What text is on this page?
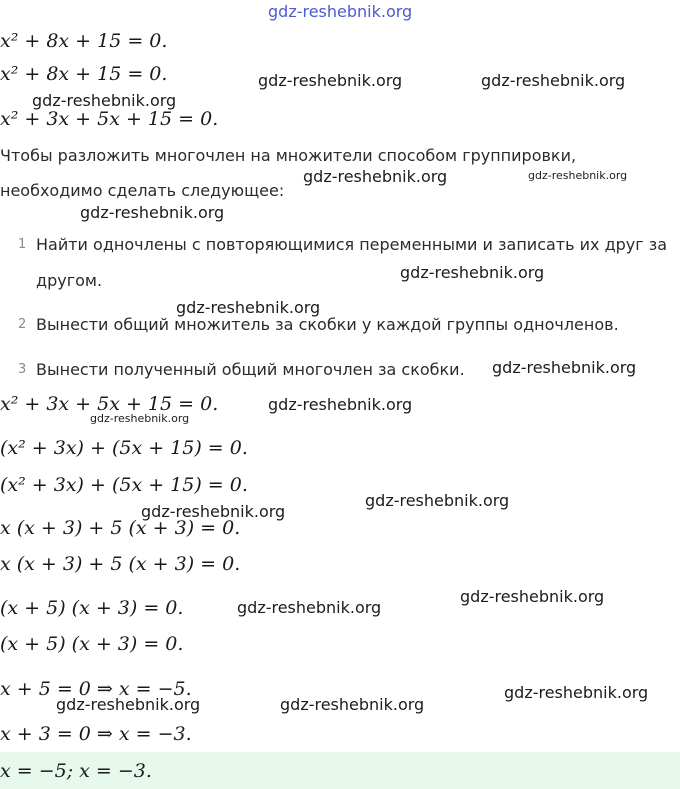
x² + 8x + 15 = 0.
x² + 8x + 15 = 0.
x² + 3x + 5x + 15 = 0.
Чтобы разложить многочлен на множители способом группировки,
необходимо сделать следующее:
1 Найти одночлены с повторяющимися переменными и записать их друг за
другом.
2 Вынести общий множитель за скобки у каждой группы одночленов.
3 Вынести полученный общий многочлен за скобки.
x² + 3x + 5x + 15 = 0.
(x² + 3x) + (5x + 15) = 0.
(x² + 3x) + (5x + 15) = 0.
x (x + 3) + 5 (x + 3) = 0.
x (x + 3) + 5 (x + 3) = 0.
(x + 5) (x + 3) = 0.
(x + 5) (x + 3) = 0.
x + 5 = 0 ⇒ x = −5.
x + 3 = 0 ⇒ x = −3.
x = −5; x = −3.
gdz-reshebnik.org
gdz-reshebnik.org	gdz-reshebnik.org
gdz-reshebnik.org
gdz-reshebnik.org	gdz-reshebnik.org
gdz-reshebnik.org
gdz-reshebnik.org
gdz-reshebnik.org
gdz-reshebnik.org
gdz-reshebnik.org
gdz-reshebnik.org
gdz-reshebnik.org
gdz-reshebnik.org
gdz-reshebnik.org
gdz-reshebnik.org
gdz-reshebnik.org
gdz-reshebnik.org	gdz-reshebnik.org
